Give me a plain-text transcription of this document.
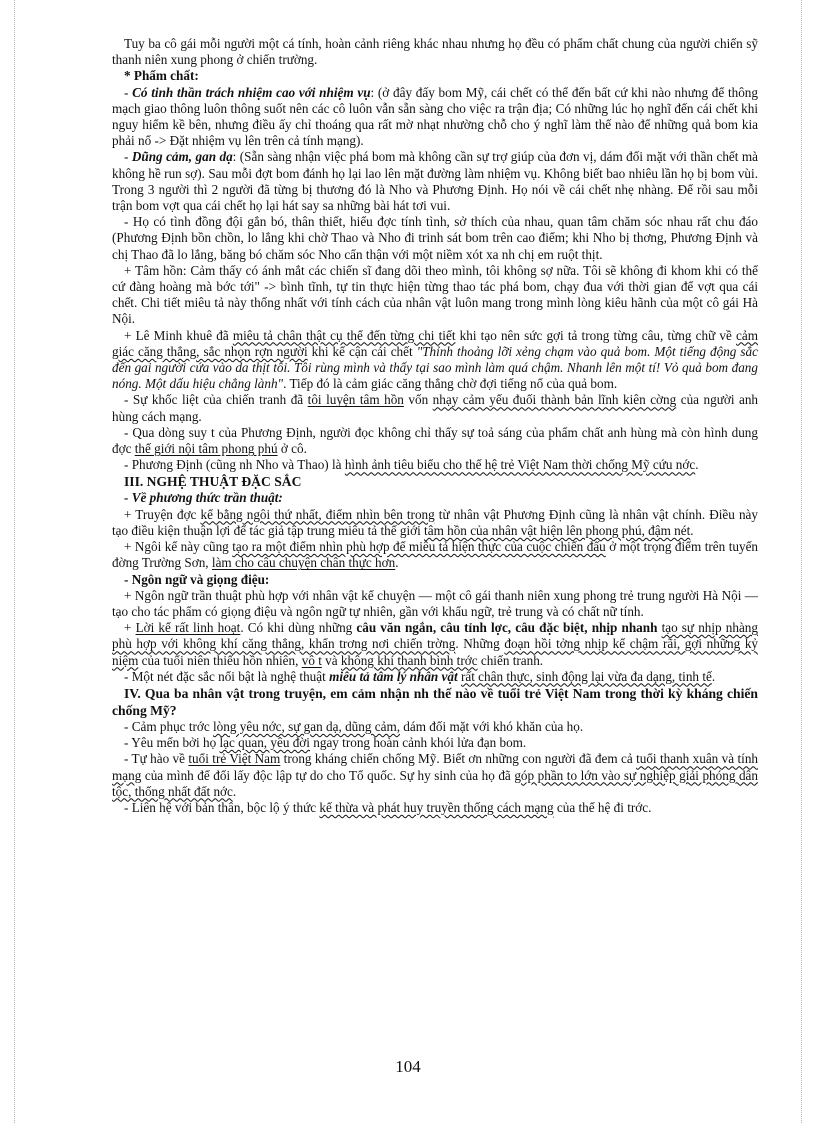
Tuy ba cô gái mỗi người một cá tính, hoàn cảnh riêng khác nhau nhưng họ đều có phẩm chất chung của người chiến sỹ thanh niên xung phong ở chiến trường.

* Phẩm chất:

- Có tinh thần trách nhiệm cao với nhiệm vụ: (ở đây đấy bom Mỹ, cái chết có thể đến bất cứ khi nào nhưng để thông mạch giao thông luôn thông suốt nên các cô luôn vẫn sẵn sàng cho việc ra trận địa; Có những lúc họ nghĩ đến cái chết khi nguy hiểm kề bên, nhưng điều ấy chỉ thoáng qua rất mờ nhạt nhường chỗ cho ý nghĩ làm thế nào để những quả bom kia phải nổ -> Đặt nhiệm vụ lên trên cả tính mạng).

- Dũng cảm, gan dạ: (Sẵn sàng nhận việc phá bom mà không cần sự trợ giúp của đơn vị, dám đối mặt với thần chết mà không hề run sợ). Sau mỗi đợt bom đánh họ lại lao lên mặt đường làm nhiệm vụ. Không biết bao nhiêu lần họ bị bom vùi. Trong 3 người thì 2 người đã từng bị thương đó là Nho và Phương Định. Họ nói về cái chết nhẹ nhàng. Để rồi sau mỗi trận bom vợt qua cái chết họ lại hát say sa những bài hát tơi vui.

- Họ có tình đồng đội gắn bó, thân thiết, hiểu đợc tính tình, sở thích của nhau, quan tâm chăm sóc nhau rất chu đáo (Phương Định bồn chồn, lo lắng khi chờ Thao và Nho đi trinh sát bom trên cao điểm; khi Nho bị thơng, Phương Định và chị Thao đã lo lắng, băng bó chăm sóc Nho cẩn thận với một niềm xót xa nh chị em ruột thịt.

+ Tâm hồn: Cảm thấy có ánh mắt các chiến sĩ đang dõi theo mình, tôi không sợ nữa. Tôi sẽ không đi khom khi có thể cứ đàng hoàng mà bớc tới" -> bình tĩnh, tự tin thực hiện từng thao tác phá bom, chạy đua với thời gian để vợt qua cái chết. Chi tiết miêu tả này thống nhất với tính cách của nhân vật luôn mang trong mình lòng kiêu hãnh của một cô gái Hà Nội.

+ Lê Minh khuê đã miêu tả chân thật cụ thể đến từng chi tiết khi tạo nên sức gợi tả trong từng câu, từng chữ về cảm giác căng thẳng, sắc nhọn rợn người khi kể cận cái chết "Thỉnh thoảng lỡi xẻng chạm vào quả bom. Một tiếng động sắc đến gai người cứa vào da thịt tôi. Tôi rùng mình và thấy tại sao mình làm quá chậm. Nhanh lên một tí! Vỏ quả bom đang nóng. Một dấu hiệu chẳng lành". Tiếp đó là cảm giác căng thẳng chờ đợi tiếng nổ của quả bom.

- Sự khốc liệt của chiến tranh đã tôi luyện tâm hồn vốn nhạy cảm yếu đuối thành bản lĩnh kiên cờng của người anh hùng cách mạng.

- Qua dòng suy t của Phương Định, người đọc không chỉ thấy sự toả sáng của phẩm chất anh hùng mà còn hình dung đợc thế giới nội tâm phong phú ở cô.

- Phương Định (cũng nh Nho và Thao) là hình ảnh tiêu biểu cho thế hệ trẻ Việt Nam thời chống Mỹ cứu nớc.

III. NGHỆ THUẬT ĐẶC SẮC

- Về phương thức trần thuật:

+ Truyện đợc kể bằng ngôi thứ nhất, điểm nhìn bên trong từ nhân vật Phương Định cũng là nhân vật chính. Điều này tạo điều kiện thuận lợi để tác giả tập trung miêu tả thế giới tâm hồn của nhân vật hiện lên phong phú, đậm nét.

+ Ngôi kể này cũng tạo ra một điểm nhìn phù hợp để miêu tả hiện thực của cuộc chiến đấu ở một trọng điểm trên tuyến đờng Trường Sơn, làm cho câu chuyện chân thực hơn.

- Ngôn ngữ và giọng điệu:

+ Ngôn ngữ trần thuật phù hợp với nhân vật kể chuyện — một cô gái thanh niên xung phong trẻ trung người Hà Nội — tạo cho tác phẩm có giọng điệu và ngôn ngữ tự nhiên, gần với khẩu ngữ, trẻ trung và có chất nữ tính.

+ Lời kể rất linh hoạt. Có khi dùng những câu văn ngắn, câu tỉnh lợc, câu đặc biệt, nhịp nhanh tạo sự nhịp nhàng phù hợp với không khí căng thẳng, khẩn trơng nơi chiến trờng. Những đoạn hồi tởng nhịp kể chậm rãi, gợi những kỷ niệm của tuổi niên thiếu hồn nhiên, vô t và không khí thanh bình trớc chiến tranh.

- Một nét đặc sắc nổi bật là nghệ thuật miêu tả tâm lý nhân vật rất chân thực, sinh động lại vừa đa dạng, tinh tế.

IV. Qua ba nhân vật trong truyện, em cảm nhận nh thế nào về tuổi trẻ Việt Nam trong thời kỳ kháng chiến chống Mỹ?

- Cảm phục trớc lòng yêu nớc, sự gan dạ, dũng cảm, dám đối mặt với khó khăn của họ.

- Yêu mến bởi họ lạc quan, yêu đời ngay trong hoàn cảnh khói lửa đạn bom.

- Tự hào về tuổi trẻ Việt Nam trong kháng chiến chống Mỹ. Biết ơn những con người đã đem cả tuổi thanh xuân và tính mạng của mình để đổi lấy độc lập tự do cho Tổ quốc. Sự hy sinh của họ đã góp phần to lớn vào sự nghiệp giải phóng dân tộc, thống nhất đất nớc.

- Liên hệ với bản thân, bộc lộ ý thức kế thừa và phát huy truyền thống cách mạng của thế hệ đi trớc.

104
